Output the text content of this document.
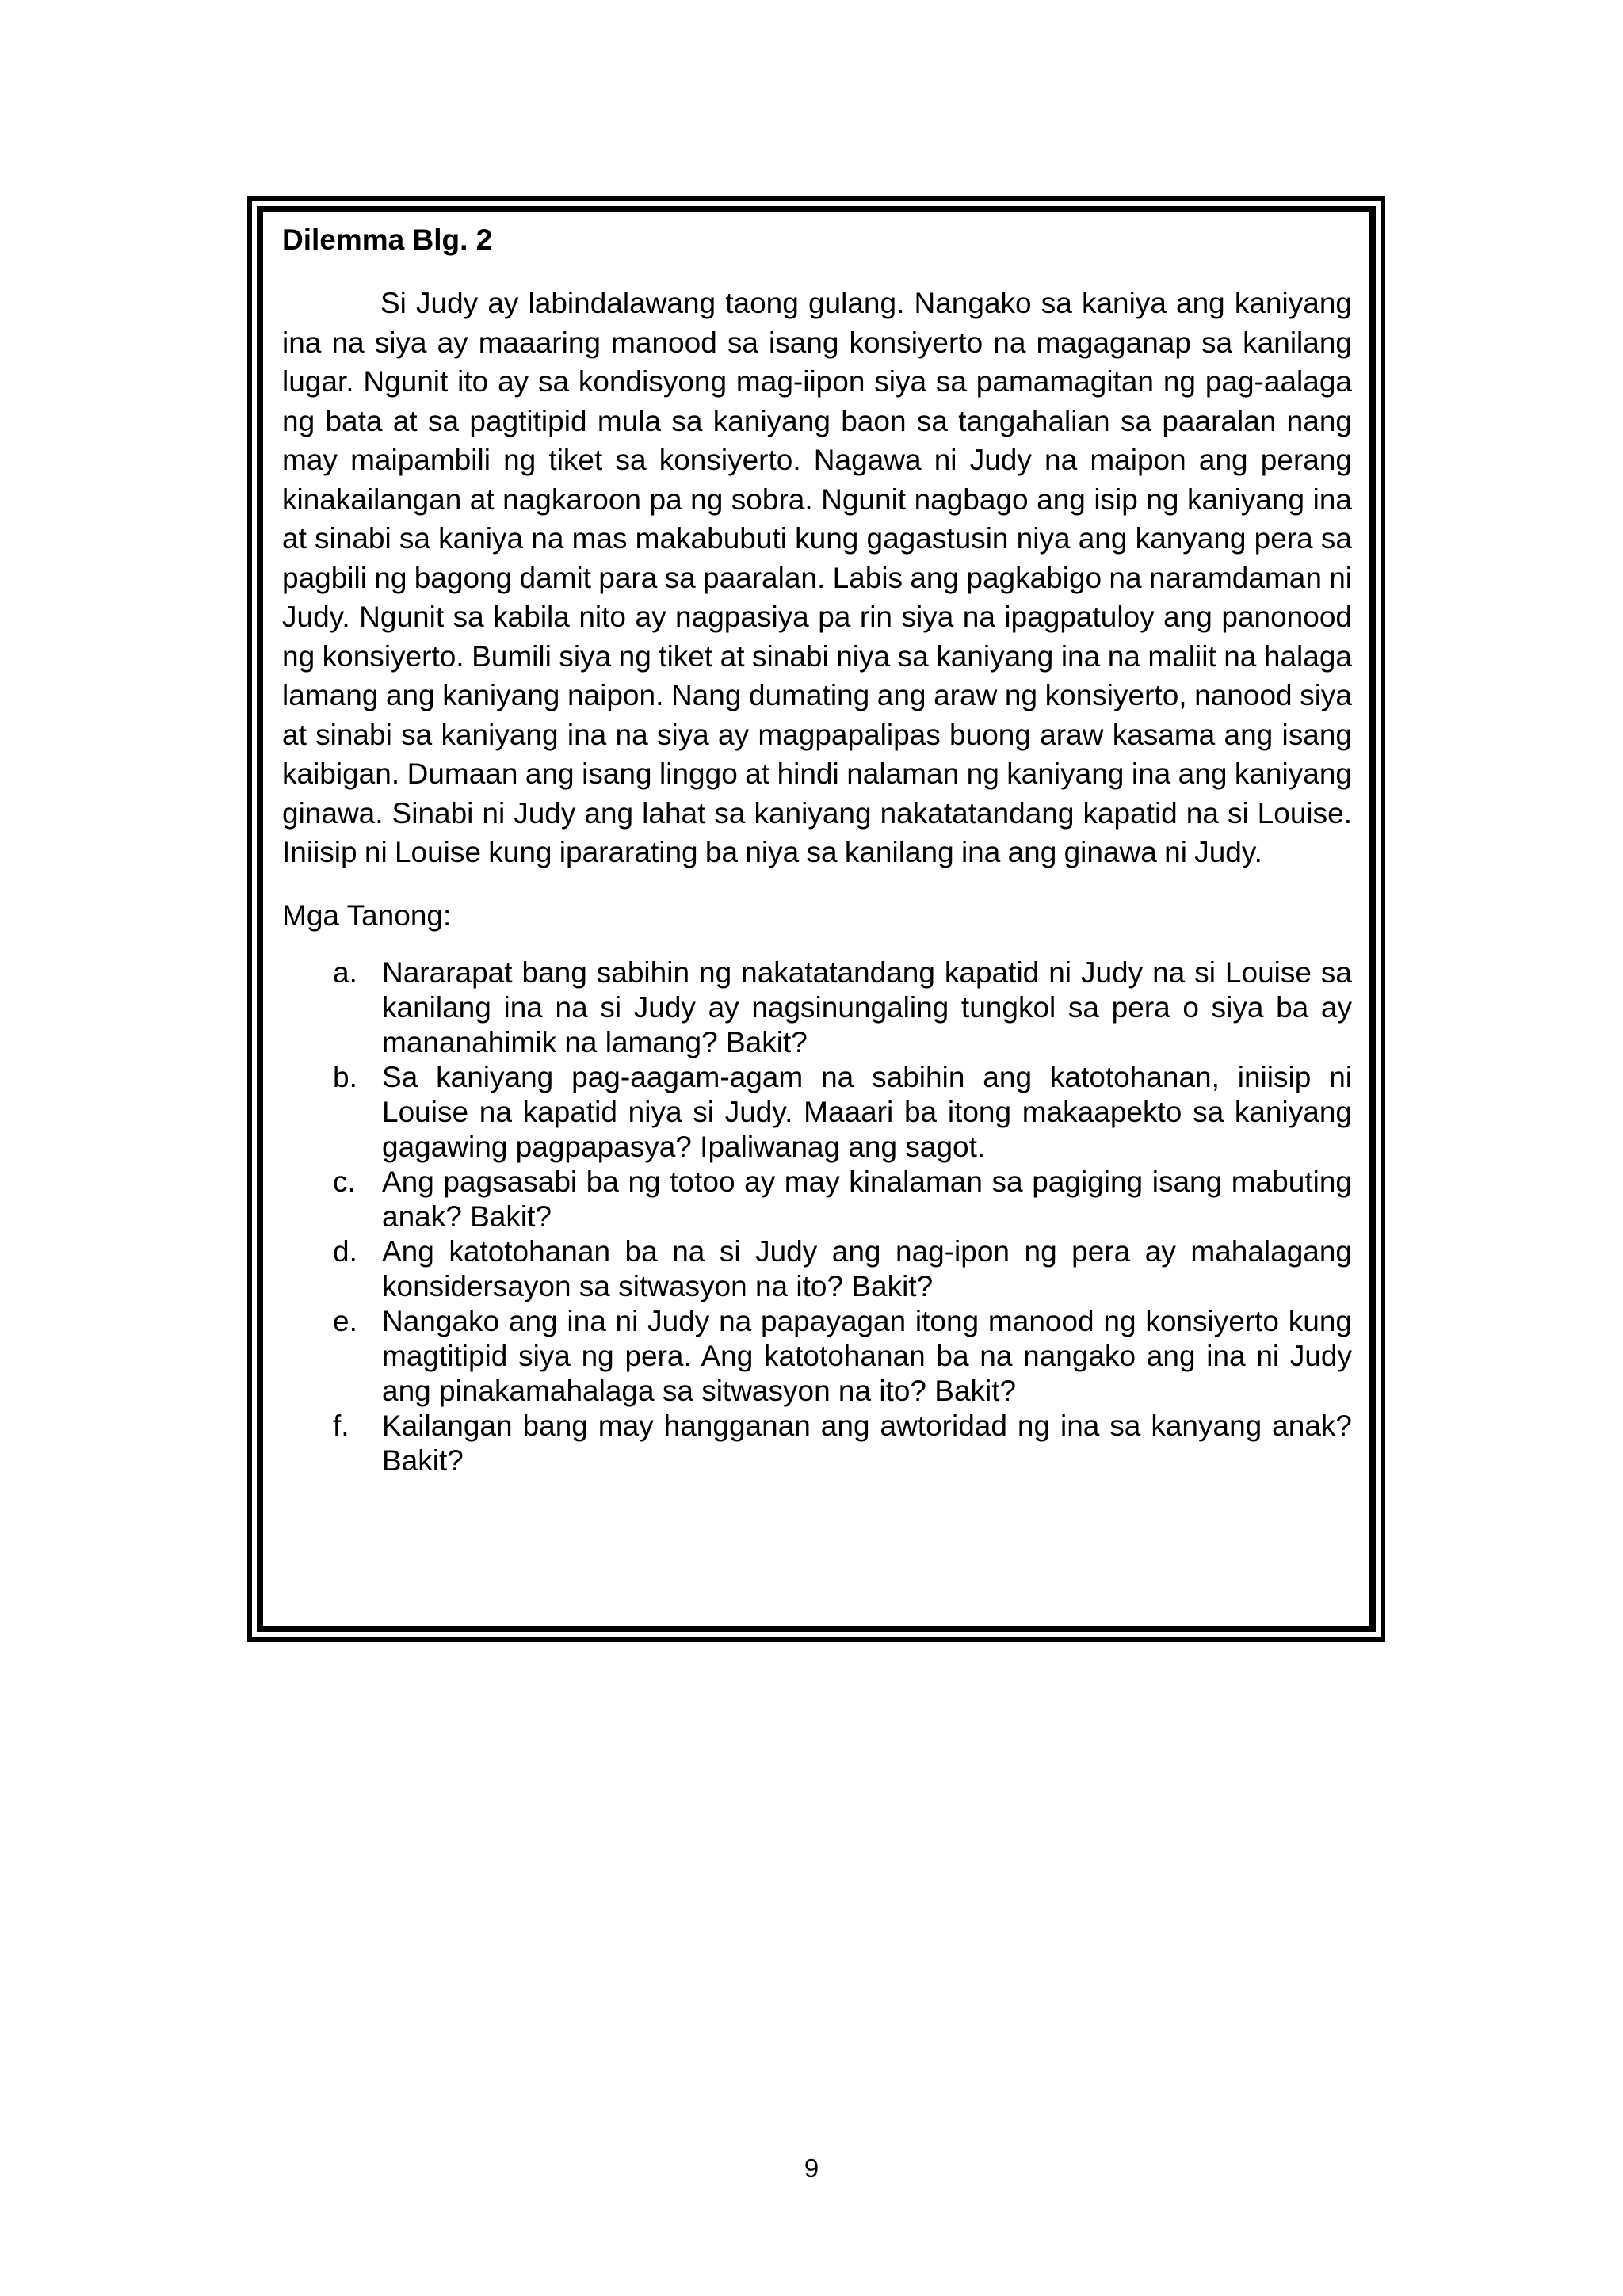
Dilemma Blg. 2

Si Judy ay labindalawang taong gulang. Nangako sa kaniya ang kaniyang ina na siya ay maaaring manood sa isang konsiyerto na magaganap sa kanilang lugar. Ngunit ito ay sa kondisyong mag-iipon siya sa pamamagitan ng pag-aalaga ng bata at sa pagtitipid mula sa kaniyang baon sa tangahalian sa paaralan nang may maipambili ng tiket sa konsiyerto. Nagawa ni Judy na maipon ang perang kinakailangan at nagkaroon pa ng sobra. Ngunit nagbago ang isip ng kaniyang ina at sinabi sa kaniya na mas makabubuti kung gagastusin niya ang kanyang pera sa pagbili ng bagong damit para sa paaralan. Labis ang pagkabigo na naramdaman ni Judy. Ngunit sa kabila nito ay nagpasiya pa rin siya na ipagpatuloy ang panonood ng konsiyerto. Bumili siya ng tiket at sinabi niya sa kaniyang ina na maliit na halaga lamang ang kaniyang naipon. Nang dumating ang araw ng konsiyerto, nanood siya at sinabi sa kaniyang ina na siya ay magpapalipas buong araw kasama ang isang kaibigan. Dumaan ang isang linggo at hindi nalaman ng kaniyang ina ang kaniyang ginawa. Sinabi ni Judy ang lahat sa kaniyang nakatatandang kapatid na si Louise. Iniisip ni Louise kung ipararating ba niya sa kanilang ina ang ginawa ni Judy.

Mga Tanong:

a. Nararapat bang sabihin ng nakatatandang kapatid ni Judy na si Louise sa kanilang ina na si Judy ay nagsinungaling tungkol sa pera o siya ba ay mananahimik na lamang? Bakit?
b. Sa kaniyang pag-aagam-agam na sabihin ang katotohanan, iniisip ni Louise na kapatid niya si Judy. Maaari ba itong makaapekto sa kaniyang gagawing pagpapasya? Ipaliwanag ang sagot.
c. Ang pagsasabi ba ng totoo ay may kinalaman sa pagiging isang mabuting anak? Bakit?
d. Ang katotohanan ba na si Judy ang nag-ipon ng pera ay mahalagang konsidersayon sa sitwasyon na ito? Bakit?
e. Nangako ang ina ni Judy na papayagan itong manood ng konsiyerto kung magtitipid siya ng pera. Ang katotohanan ba na nangako ang ina ni Judy ang pinakamahalaga sa sitwasyon na ito? Bakit?
f. Kailangan bang may hangganan ang awtoridad ng ina sa kanyang anak? Bakit?
9
